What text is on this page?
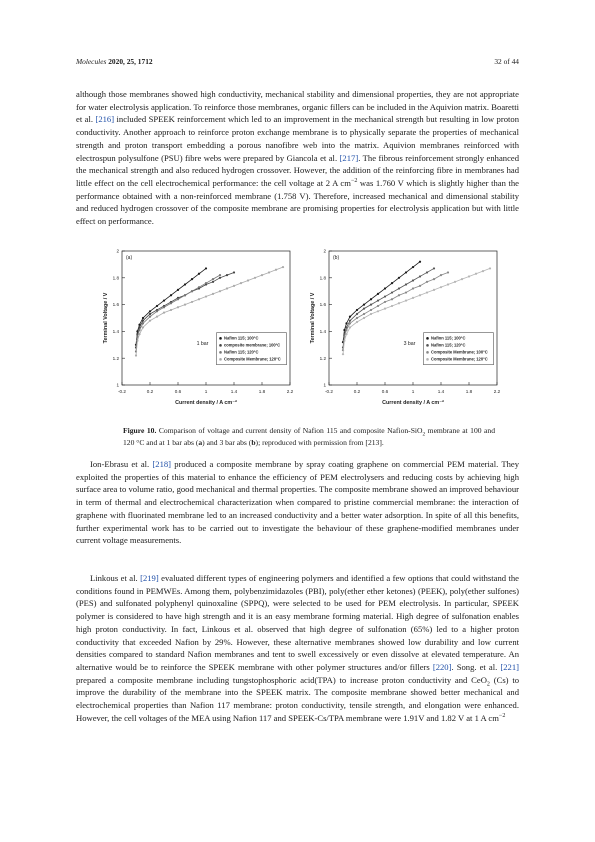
Molecules 2020, 25, 1712	32 of 44

although those membranes showed high conductivity, mechanical stability and dimensional properties, they are not appropriate for water electrolysis application. To reinforce those membranes, organic fillers can be included in the Aquivion matrix. Boaretti et al. [216] included SPEEK reinforcement which led to an improvement in the mechanical strength but resulting in low proton conductivity. Another approach to reinforce proton exchange membrane is to physically separate the properties of mechanical strength and proton transport embedding a porous nanofibre web into the matrix. Aquivion membranes reinforced with electrospun polysulfone (PSU) fibre webs were prepared by Giancola et al. [217]. The fibrous reinforcement strongly enhanced the mechanical strength and also reduced hydrogen crossover. However, the addition of the reinforcing fibre in membranes had little effect on the cell electrochemical performance: the cell voltage at 2 A $cm^{-2}$ was 1.760 V which is slightly higher than the performance obtained with a non-reinforced membrane (1.758 V). Therefore, increased mechanical and dimensional stability and reduced hydrogen crossover of the composite membrane are promising properties for electrolysis application but with little effect on performance.

-0.2	0.2	0.6	1	1.4	1.8	2.2
1
1.2
1.4
1.6
1.8
2
Current density / A cm⁻²
Terminal Voltage / V
(a)
1 bar
Nafion 115; 100°C
composite membrane; 100°C
Nafion 115; 120°C
Composite Membrane; 120°C
-0.2	0.2	0.6	1	1.4	1.8	2.2
1
1.2
1.4
1.6
1.8
2
Current density / A cm⁻²
Terminal Voltage / V
(b)
3 bar
Nafion 115; 100°C
Nafion 115; 120°C
Composite Membrane; 100°C
Composite Membrane; 120°C

Figure 10. Comparison of voltage and current density of Nafion 115 and composite Nafion-SiO$_2$ membrane at 100 and 120 °C and at 1 bar abs (a) and 3 bar abs (b); reproduced with permission from [213].

Ion-Ebrasu et al. [218] produced a composite membrane by spray coating graphene on commercial PEM material. They exploited the properties of this material to enhance the efficiency of PEM electrolysers and reducing costs by achieving high surface area to volume ratio, good mechanical and thermal properties. The composite membrane showed an improved behaviour in term of thermal and electrochemical characterization when compared to pristine commercial membrane: the interaction of graphene with fluorinated membrane led to an increased conductivity and a better water adsorption. In spite of all this benefits, further experimental work has to be carried out to investigate the behaviour of these graphene-modified membranes under current voltage measurements.

Linkous et al. [219] evaluated different types of engineering polymers and identified a few options that could withstand the conditions found in PEMWEs. Among them, polybenzimidazoles (PBI), poly(ether ether ketones) (PEEK), poly(ether sulfones) (PES) and sulfonated polyphenyl quinoxaline (SPPQ), were selected to be used for PEM electrolysis. In particular, SPEEK polymer is considered to have high strength and it is an easy membrane forming material. High degree of sulfonation enables high proton conductivity. In fact, Linkous et al. observed that high degree of sulfonation (65%) led to a higher proton conductivity that exceeded Nafion by 29%. However, these alternative membranes showed low durability and low current densities compared to standard Nafion membranes and tent to swell excessively or even dissolve at elevated temperature. An alternative would be to reinforce the SPEEK membrane with other polymer structures and/or fillers [220]. Song. et al. [221] prepared a composite membrane including tungstophosphoric acid(TPA) to increase proton conductivity and CeO$_2$ (Cs) to improve the durability of the membrane into the SPEEK matrix. The composite membrane showed better mechanical and electrochemical properties than Nafion 117 membrane: proton conductivity, tensile strength, and elongation were enhanced. However, the cell voltages of the MEA using Nafion 117 and SPEEK-Cs/TPA membrane were 1.91V and 1.82 V at 1 A $cm^{-2}$
